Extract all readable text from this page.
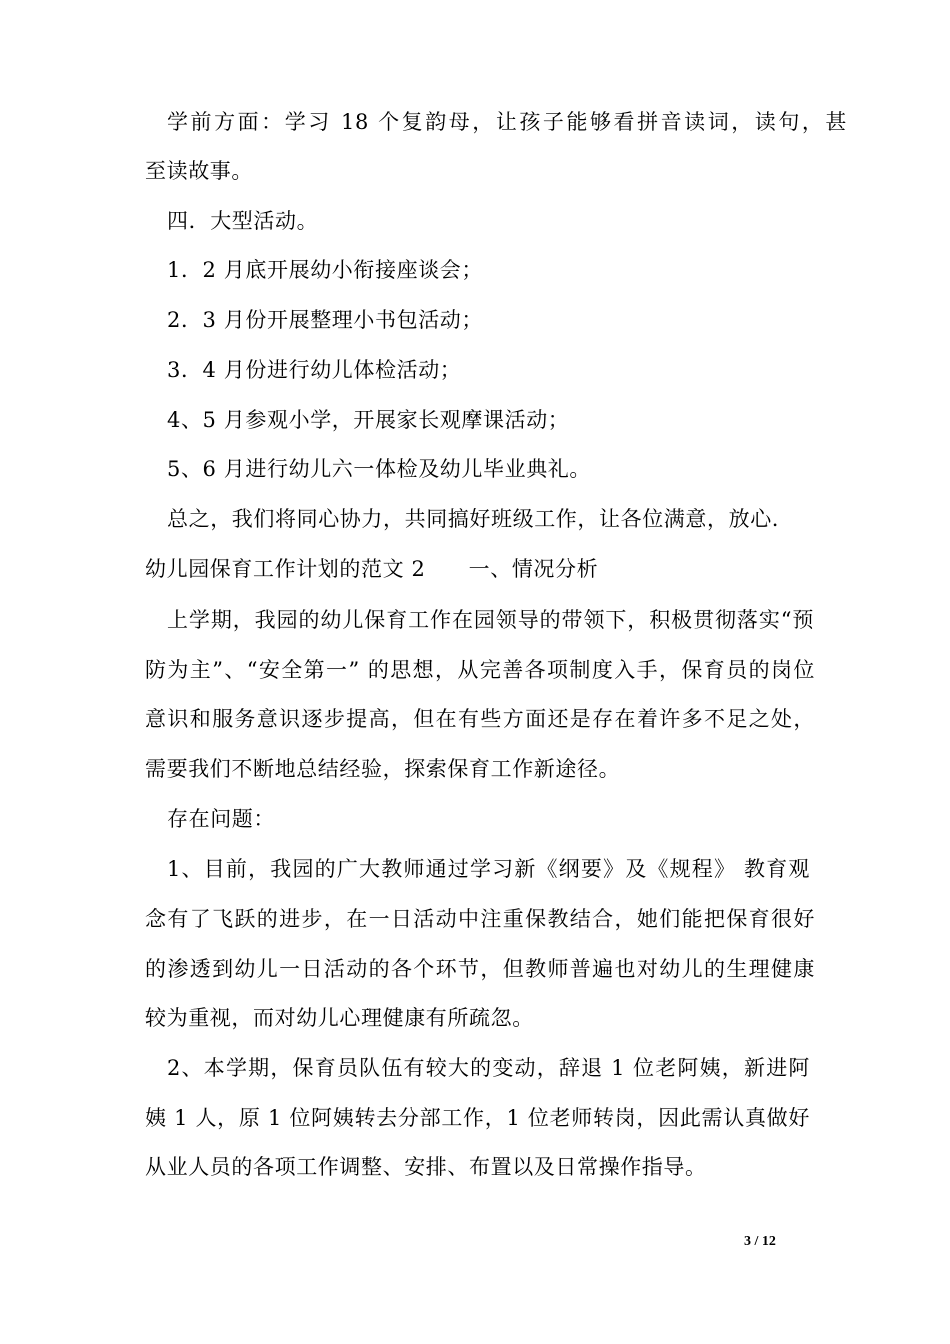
学前方面：学习 18 个复韵母，让孩子能够看拼音读词，读句，甚
至读故事。
四．大型活动。
1．2 月底开展幼小衔接座谈会；
2．3 月份开展整理小书包活动；
3．4 月份进行幼儿体检活动；
4、5 月参观小学，开展家长观摩课活动；
5、6 月进行幼儿六一体检及幼儿毕业典礼。
总之，我们将同心协力，共同搞好班级工作，让各位满意，放心.
幼儿园保育工作计划的范文 2　　一、情况分析
上学期，我园的幼儿保育工作在园领导的带领下，积极贯彻落实“预
防为主”、“安全第一” 的思想，从完善各项制度入手，保育员的岗位
意识和服务意识逐步提高，但在有些方面还是存在着许多不足之处，
需要我们不断地总结经验，探索保育工作新途径。
存在问题：
1、目前，我园的广大教师通过学习新《纲要》及《规程》 教育观
念有了飞跃的进步，在一日活动中注重保教结合，她们能把保育很好
的渗透到幼儿一日活动的各个环节，但教师普遍也对幼儿的生理健康
较为重视，而对幼儿心理健康有所疏忽。
2、本学期，保育员队伍有较大的变动，辞退 1 位老阿姨，新进阿
姨 1 人，原 1 位阿姨转去分部工作，1 位老师转岗，因此需认真做好
从业人员的各项工作调整、安排、布置以及日常操作指导。
3 / 12
